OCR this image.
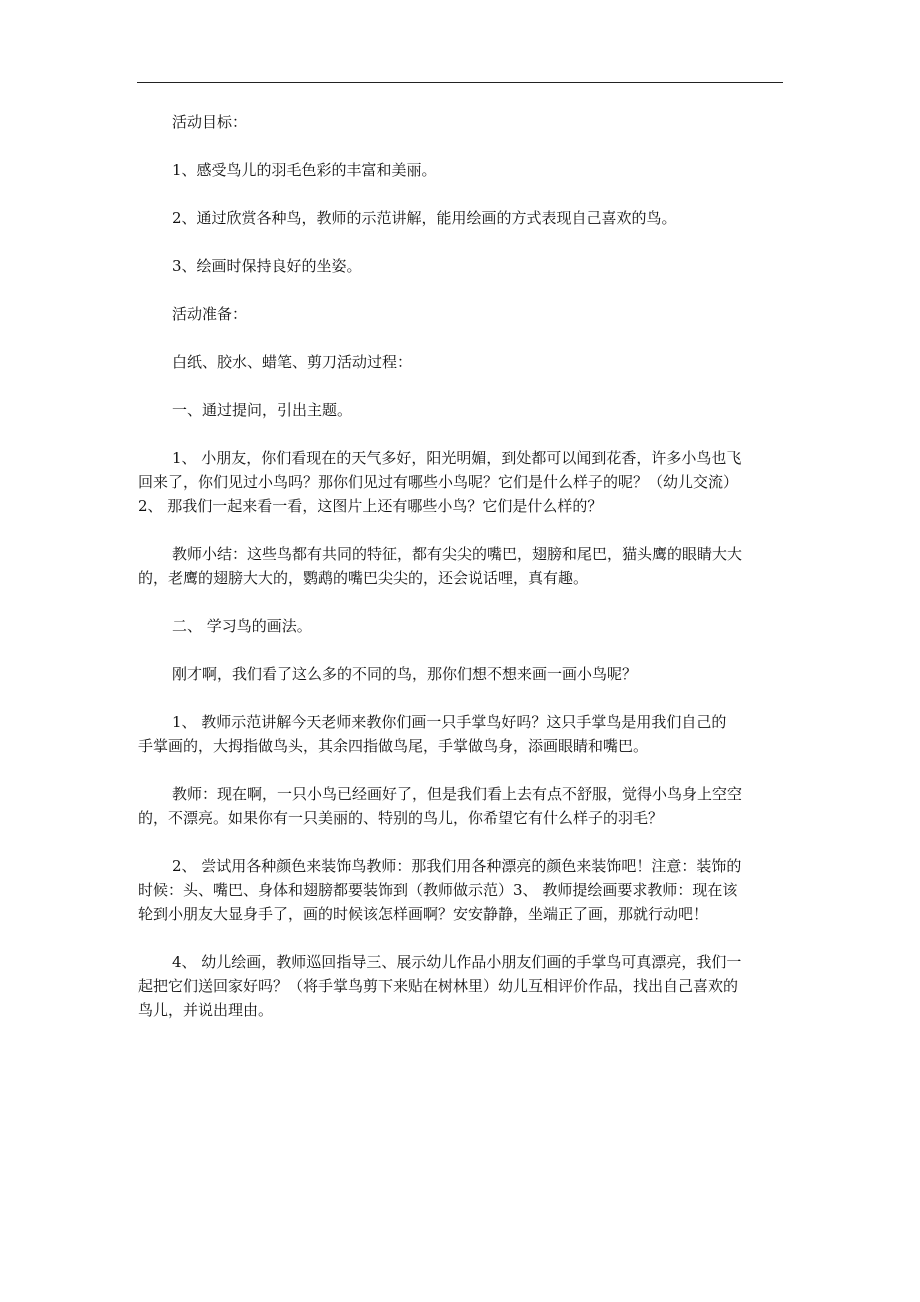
活动目标：

1、感受鸟儿的羽毛色彩的丰富和美丽。

2、通过欣赏各种鸟，教师的示范讲解，能用绘画的方式表现自己喜欢的鸟。

3、绘画时保持良好的坐姿。

活动准备：

白纸、胶水、蜡笔、剪刀活动过程：

一、通过提问，引出主题。

1、 小朋友，你们看现在的天气多好，阳光明媚，到处都可以闻到花香，许多小鸟也飞
回来了，你们见过小鸟吗？那你们见过有哪些小鸟呢？它们是什么样子的呢？（幼儿交流）
2、 那我们一起来看一看，这图片上还有哪些小鸟？它们是什么样的？
教师小结：这些鸟都有共同的特征，都有尖尖的嘴巴，翅膀和尾巴，猫头鹰的眼睛大大
的，老鹰的翅膀大大的，鹦鹉的嘴巴尖尖的，还会说话哩，真有趣。

二、 学习鸟的画法。

刚才啊，我们看了这么多的不同的鸟，那你们想不想来画一画小鸟呢？

1、 教师示范讲解今天老师来教你们画一只手掌鸟好吗？这只手掌鸟是用我们自己的
手掌画的，大拇指做鸟头，其余四指做鸟尾，手掌做鸟身，添画眼睛和嘴巴。
教师：现在啊，一只小鸟已经画好了，但是我们看上去有点不舒服，觉得小鸟身上空空
的，不漂亮。如果你有一只美丽的、特别的鸟儿，你希望它有什么样子的羽毛？
2、 尝试用各种颜色来装饰鸟教师：那我们用各种漂亮的颜色来装饰吧！注意：装饰的
时候：头、嘴巴、身体和翅膀都要装饰到（教师做示范）3、 教师提绘画要求教师：现在该
轮到小朋友大显身手了，画的时候该怎样画啊？安安静静，坐端正了画，那就行动吧！
4、 幼儿绘画，教师巡回指导三、展示幼儿作品小朋友们画的手掌鸟可真漂亮，我们一
起把它们送回家好吗？（将手掌鸟剪下来贴在树林里）幼儿互相评价作品，找出自己喜欢的
鸟儿，并说出理由。
